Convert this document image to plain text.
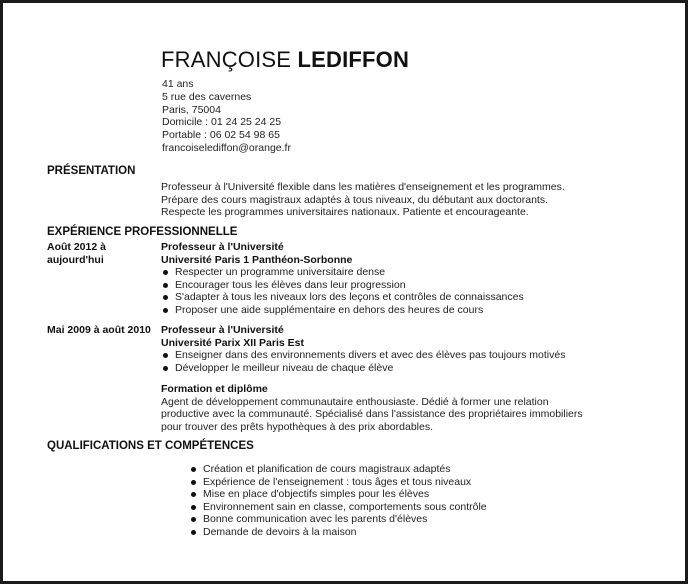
FRANÇOISE LEDIFFON
41 ans
5 rue des cavernes
Paris, 75004
Domicile : 01 24 25 24 25
Portable : 06 02 54 98 65
francoiselediffon@orange.fr
PRÉSENTATION
Professeur à l'Université flexible dans les matières d'enseignement et les programmes.
Prépare des cours magistraux adaptés à tous niveaux, du débutant aux doctorants.
Respecte les programmes universitaires nationaux. Patiente et encourageante.
EXPÉRIENCE PROFESSIONNELLE
Août 2012 à
aujourd'hui
Professeur à l'Université
Université Paris 1 Panthéon-Sorbonne
Respecter un programme universitaire dense
Encourager tous les élèves dans leur progression
S'adapter à tous les niveaux lors des leçons et contrôles de connaissances
Proposer une aide supplémentaire en dehors des heures de cours
Mai 2009 à août 2010 Professeur à l'Université
Université Parix XII Paris Est
Enseigner dans des environnements divers et avec des élèves pas toujours motivés
Développer le meilleur niveau de chaque élève
Formation et diplôme
Agent de développement communautaire enthousiaste. Dédié à former une relation
productive avec la communauté. Spécialisé dans l'assistance des propriétaires immobiliers
pour trouver des prêts hypothèques à des prix abordables.
QUALIFICATIONS ET COMPÉTENCES
Création et planification de cours magistraux adaptés
Expérience de l'enseignement : tous âges et tous niveaux
Mise en place d'objectifs simples pour les élèves
Environnement sain en classe, comportements sous contrôle
Bonne communication avec les parents d'élèves
Demande de devoirs à la maison
